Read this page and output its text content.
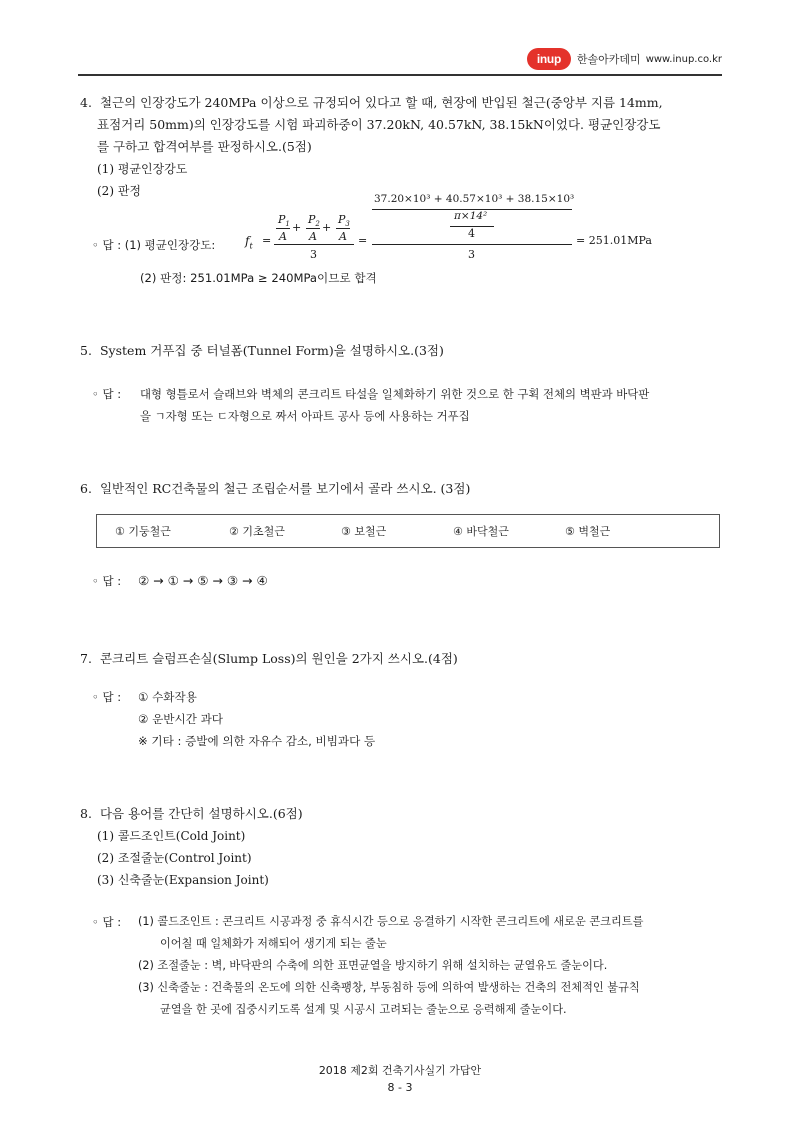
inup	한솔아카데미 www.inup.co.kr
4. 철근의 인장강도가 240MPa 이상으로 규정되어 있다고 할 때, 현장에 반입된 철근(중앙부 지름 14mm,
표점거리 50mm)의 인장강도를 시험 파괴하중이 37.20kN, 40.57kN, 38.15kN이었다. 평균인장강도
를 구하고 합격여부를 판정하시오.(5점)
(1) 평균인장강도
(2) 판정
◦ 답 : (1) 평균인장강도: $f_t$ =
$P_1$
A
+
$P_2$
A
+
$P_3$
A
3
=
37.20×10³ + 40.57×10³ + 38.15×10³
π×14²
4
3
= 251.01MPa
(2) 판정: 251.01MPa ≥ 240MPa이므로 합격
5. System 거푸집 중 터널폼(Tunnel Form)을 설명하시오.(3점)
◦ 답 : 대형 형틀로서 슬래브와 벽체의 콘크리트 타설을 일체화하기 위한 것으로 한 구획 전체의 벽판과 바닥판
을 ㄱ자형 또는 ㄷ자형으로 짜서 아파트 공사 등에 사용하는 거푸집
6. 일반적인 RC건축물의 철근 조립순서를 보기에서 골라 쓰시오. (3점)
① 기둥철근	② 기초철근	③ 보철근	④ 바닥철근	⑤ 벽철근
◦ 답 : ② → ① → ⑤ → ③ → ④
7. 콘크리트 슬럼프손실(Slump Loss)의 원인을 2가지 쓰시오.(4점)
◦ 답 : ① 수화작용
② 운반시간 과다
※ 기타 : 증발에 의한 자유수 감소, 비빔과다 등
8. 다음 용어를 간단히 설명하시오.(6점)
(1) 콜드조인트(Cold Joint)
(2) 조절줄눈(Control Joint)
(3) 신축줄눈(Expansion Joint)
◦ 답 : (1) 콜드조인트 : 콘크리트 시공과정 중 휴식시간 등으로 응결하기 시작한 콘크리트에 새로운 콘크리트를
이어칠 때 일체화가 저해되어 생기게 되는 줄눈
(2) 조절줄눈 : 벽, 바닥판의 수축에 의한 표면균열을 방지하기 위해 설치하는 균열유도 줄눈이다.
(3) 신축줄눈 : 건축물의 온도에 의한 신축팽창, 부동침하 등에 의하여 발생하는 건축의 전체적인 불규칙
균열을 한 곳에 집중시키도록 설계 및 시공시 고려되는 줄눈으로 응력해제 줄눈이다.
2018 제2회 건축기사실기 가답안
8 - 3
